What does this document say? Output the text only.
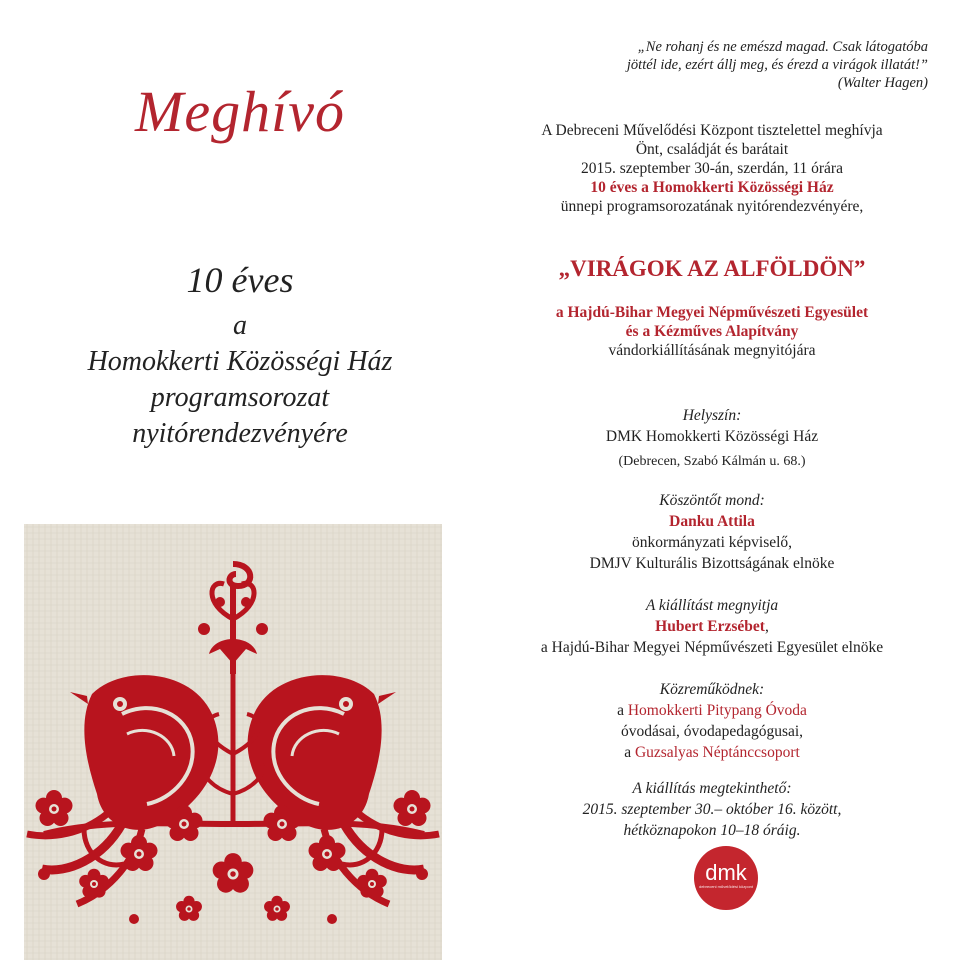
Meghívó
10 éves
a
Homokkerti Közösségi Ház
programsorozat
nyitórendezvényére
„Ne rohanj és ne emészd magad. Csak látogatóba
jöttél ide, ezért állj meg, és érezd a virágok illatát!”
(Walter Hagen)
A Debreceni Művelődési Központ tisztelettel meghívja
Önt, családját és barátait
2015. szeptember 30-án, szerdán, 11 órára
10 éves a Homokkerti Közösségi Ház
ünnepi programsorozatának nyitórendezvényére,
„VIRÁGOK AZ ALFÖLDÖN”
a Hajdú-Bihar Megyei Népművészeti Egyesület
és a Kézműves Alapítvány
vándorkiállításának megnyitójára
Helyszín:
DMK Homokkerti Közösségi Ház
(Debrecen, Szabó Kálmán u. 68.)
Köszöntőt mond:
Danku Attila
önkormányzati képviselő,
DMJV Kulturális Bizottságának elnöke
A kiállítást megnyitja
Hubert Erzsébet,
a Hajdú-Bihar Megyei Népművészeti Egyesület elnöke
Közreműködnek:
a Homokkerti Pitypang Óvoda
óvodásai, óvodapedagógusai,
a Guzsalyas Néptánccsoport
A kiállítás megtekinthető:
2015. szeptember 30.– október 16. között,
hétköznapokon 10–18 óráig.
dmk
debreceni művelődési központ
